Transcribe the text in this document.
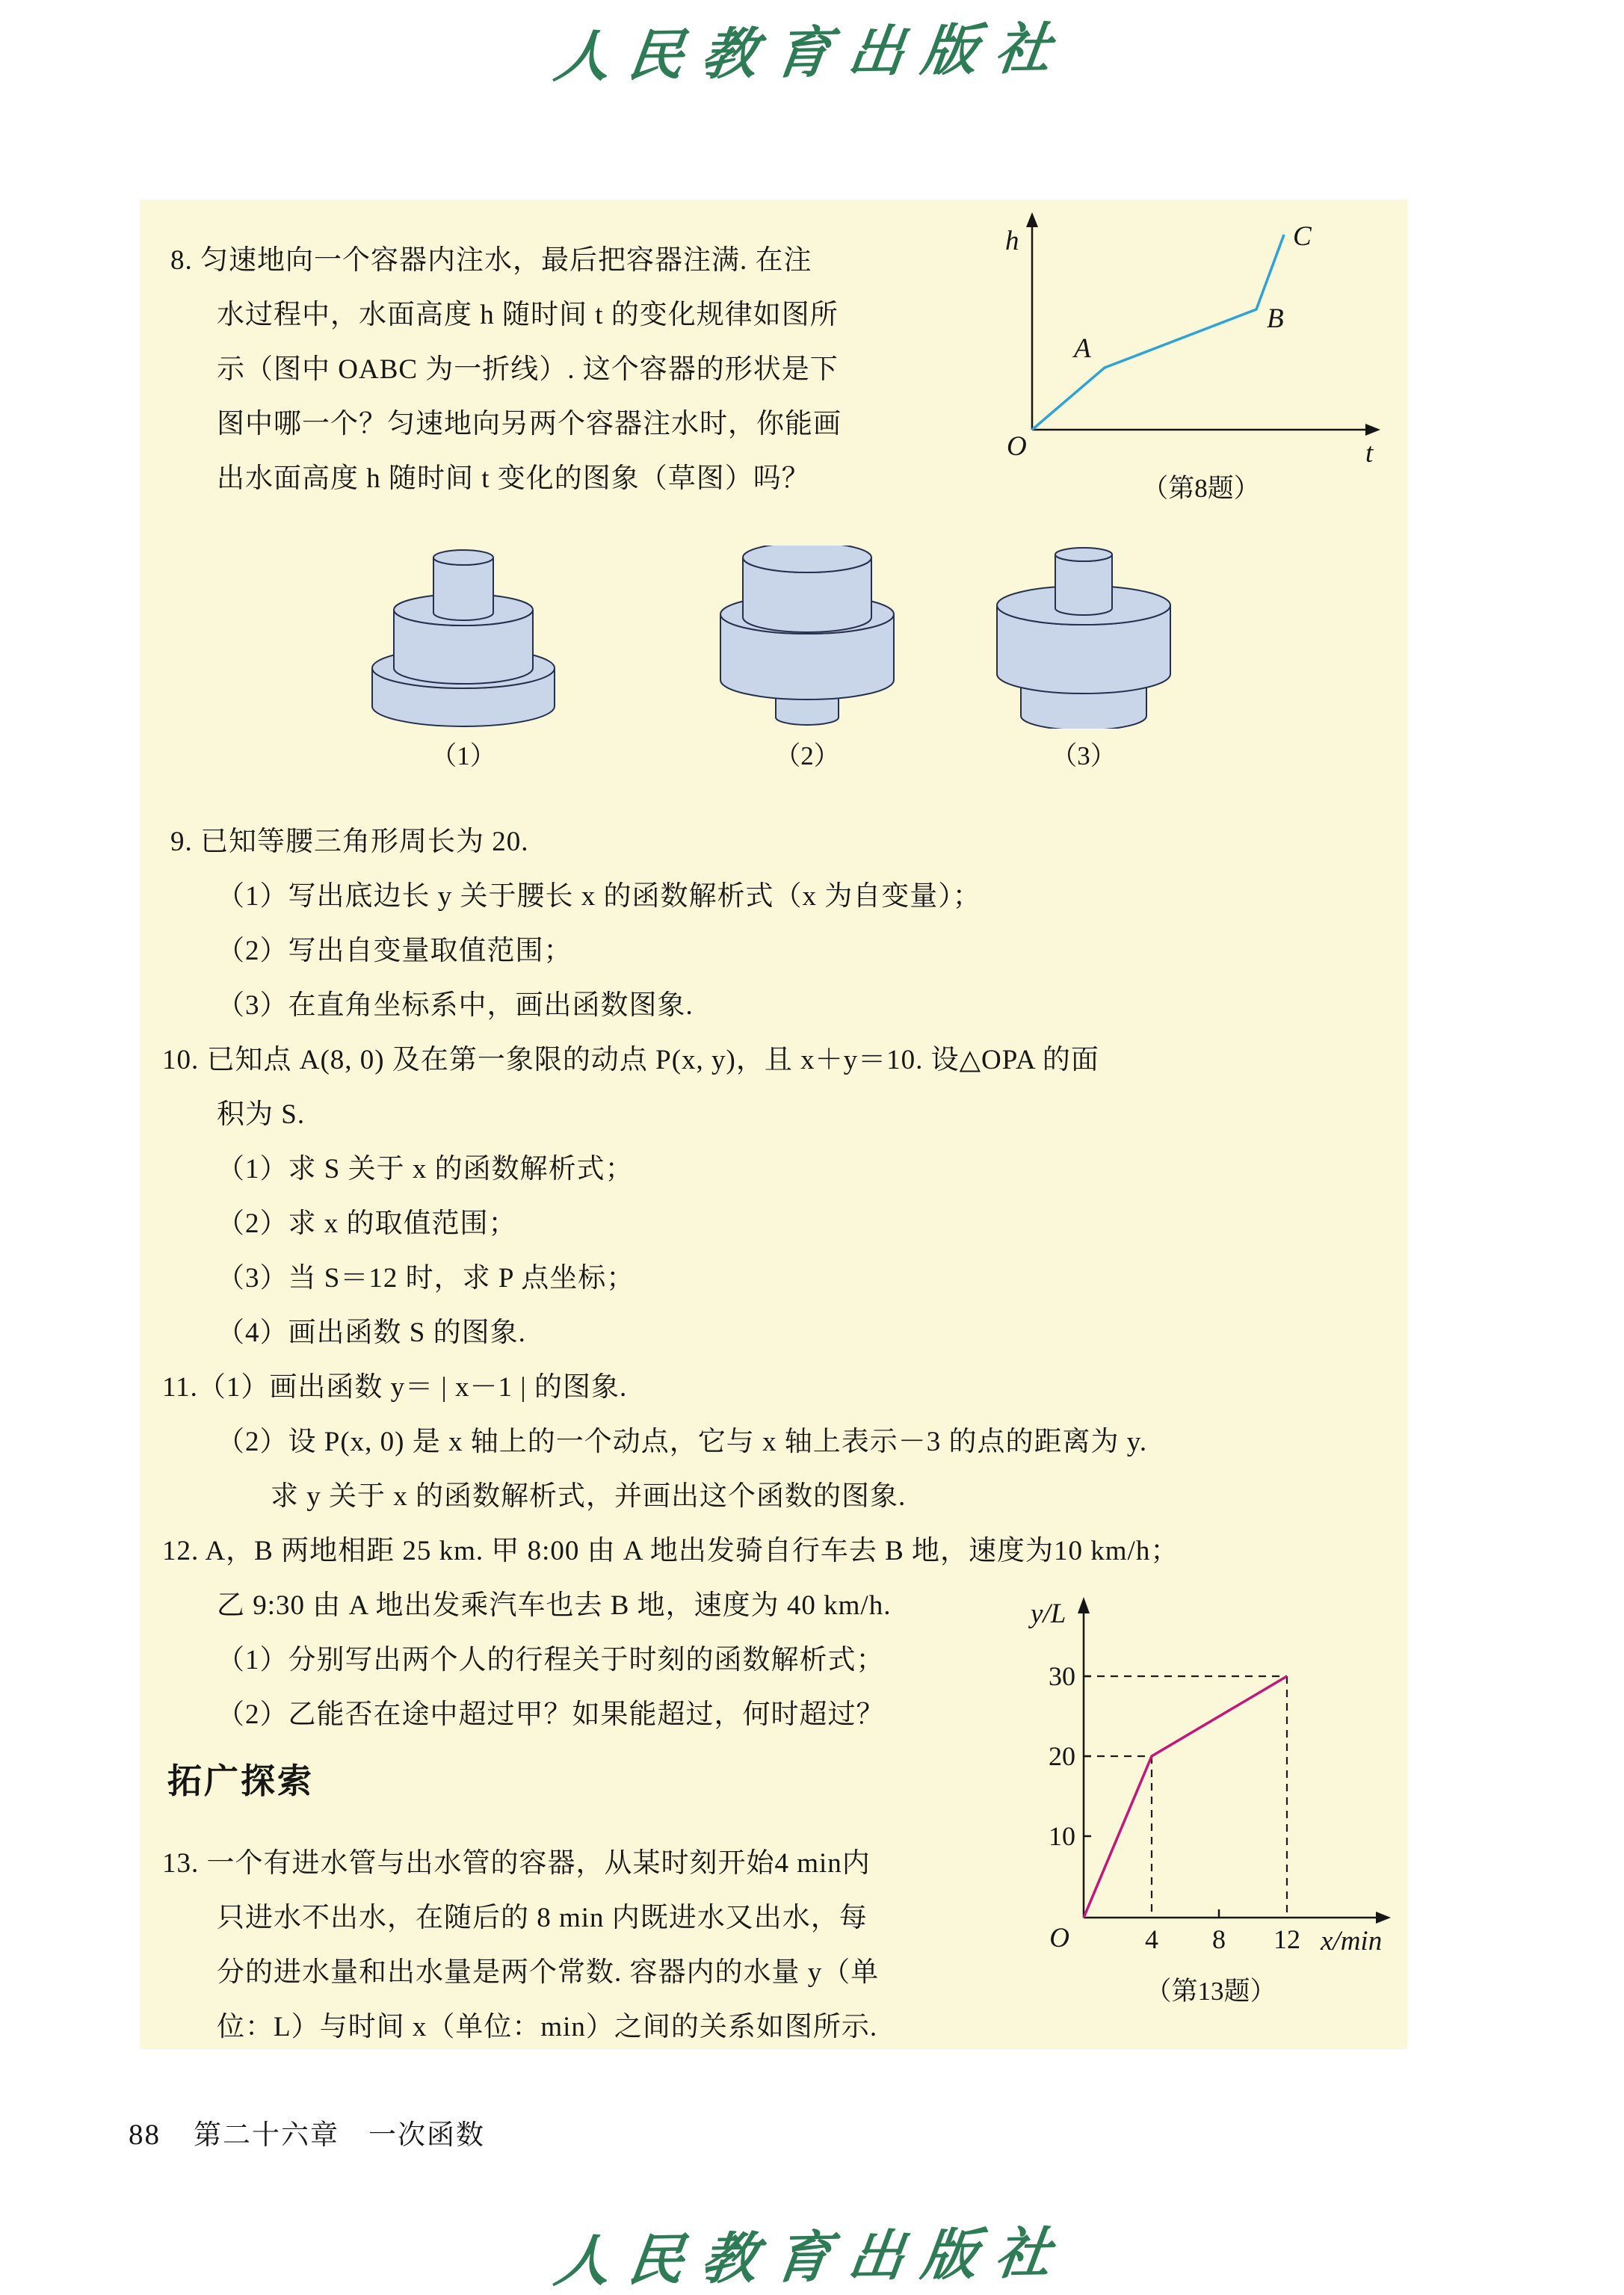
人民教育出版社
8. 匀速地向一个容器内注水，最后把容器注满. 在注
水过程中，水面高度 h 随时间 t 的变化规律如图所
示（图中 OABC 为一折线）. 这个容器的形状是下
图中哪一个？匀速地向另两个容器注水时，你能画
出水面高度 h 随时间 t 变化的图象（草图）吗？
h
O	t
A
B
C
（第8题）
（1）	（2）	（3）
9. 已知等腰三角形周长为 20.
（1）写出底边长 y 关于腰长 x 的函数解析式（x 为自变量）；
（2）写出自变量取值范围；
（3）在直角坐标系中，画出函数图象.
10. 已知点 A(8, 0) 及在第一象限的动点 P(x, y)，且 x＋y＝10. 设△OPA 的面
积为 S.
（1）求 S 关于 x 的函数解析式；
（2）求 x 的取值范围；
（3）当 S＝12 时，求 P 点坐标；
（4）画出函数 S 的图象.
11.（1）画出函数 y＝ | x－1 | 的图象.
（2）设 P(x, 0) 是 x 轴上的一个动点，它与 x 轴上表示－3 的点的距离为 y.
求 y 关于 x 的函数解析式，并画出这个函数的图象.
12. A，B 两地相距 25 km. 甲 8:00 由 A 地出发骑自行车去 B 地，速度为10 km/h；
乙 9:30 由 A 地出发乘汽车也去 B 地，速度为 40 km/h.
（1）分别写出两个人的行程关于时刻的函数解析式；
（2）乙能否在途中超过甲？如果能超过，何时超过？
拓广探索
13. 一个有进水管与出水管的容器，从某时刻开始4 min内
只进水不出水，在随后的 8 min 内既进水又出水，每
分的进水量和出水量是两个常数. 容器内的水量 y（单
位：L）与时间 x（单位：min）之间的关系如图所示.
y/L
O	x/min
4 8 12
10
20
30
（第13题）
88 第二十六章　一次函数
人民教育出版社
